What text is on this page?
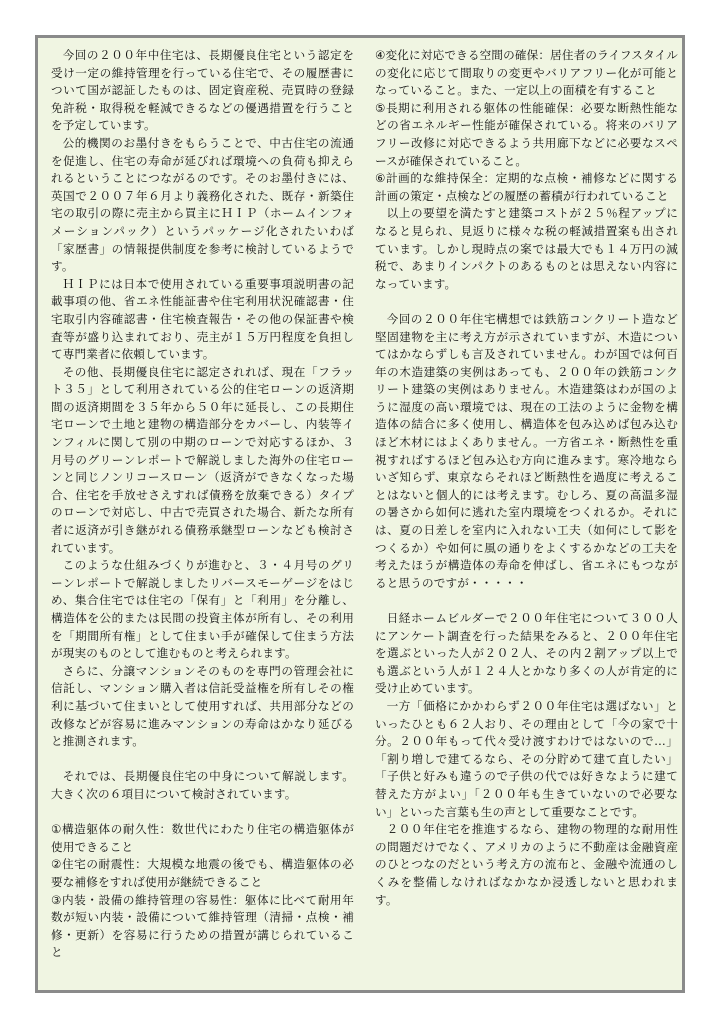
今回の２００年中住宅は、長期優良住宅という認定を受け一定の維持管理を行っている住宅で、その履歴書について国が認証したものは、固定資産税、売買時の登録免許税・取得税を軽減できるなどの優遇措置を行うことを予定しています。

公的機関のお墨付きをもらうことで、中古住宅の流通を促進し、住宅の寿命が延びれば環境への負荷も抑えられるということにつながるのです。そのお墨付きには、英国で２００７年６月より義務化された、既存・新築住宅の取引の際に売主から買主にＨＩＰ（ホームインフォメーションパック）というパッケージ化されたいわば「家歴書」の情報提供制度を参考に検討しているようです。

ＨＩＰには日本で使用されている重要事項説明書の記載事項の他、省エネ性能証書や住宅利用状況確認書・住宅取引内容確認書・住宅検査報告・その他の保証書や検査等が盛り込まれており、売主が１５万円程度を負担して専門業者に依頼しています。

その他、長期優良住宅に認定されれば、現在「フラット３５」として利用されている公的住宅ローンの返済期間の返済期間を３５年から５０年に延長し、この長期住宅ローンで土地と建物の構造部分をカバーし、内装等インフィルに関して別の中期のローンで対応するほか、３月号のグリーンレポートで解説しました海外の住宅ローンと同じノンリコースローン（返済ができなくなった場合、住宅を手放せさえすれば債務を放棄できる）タイプのローンで対応し、中古で売買された場合、新たな所有者に返済が引き継がれる債務承継型ローンなども検討されています。

このような仕組みづくりが進むと、３・４月号のグリーンレポートで解説しましたリバースモーゲージをはじめ、集合住宅では住宅の「保有」と「利用」を分離し、構造体を公的または民間の投資主体が所有し、その利用を「期間所有権」として住まい手が確保して住まう方法が現実のものとして進むものと考えられます。

さらに、分譲マンションそのものを専門の管理会社に信託し、マンション購入者は信託受益権を所有しその権利に基づいて住まいとして使用すれば、共用部分などの改修などが容易に進みマンションの寿命はかなり延びると推測されます。

それでは、長期優良住宅の中身について解説します。大きく次の６項目について検討されています。

①構造躯体の耐久性：数世代にわたり住宅の構造躯体が使用できること

②住宅の耐震性：大規模な地震の後でも、構造躯体の必要な補修をすれば使用が継続できること

③内装・設備の維持管理の容易性：躯体に比べて耐用年数が短い内装・設備について維持管理（清掃・点検・補修・更新）を容易に行うための措置が講じられていること

④変化に対応できる空間の確保：居住者のライフスタイルの変化に応じて間取りの変更やバリアフリー化が可能となっていること。また、一定以上の面積を有すること

⑤長期に利用される躯体の性能確保：必要な断熱性能などの省エネルギー性能が確保されている。将来のバリアフリー改修に対応できるよう共用廊下などに必要なスペースが確保されていること。

⑥計画的な維持保全：定期的な点検・補修などに関する計画の策定・点検などの履歴の蓄積が行われていること

以上の要望を満たすと建築コストが２５％程アップになると見られ、見返りに様々な税の軽減措置案も出されています。しかし現時点の案では最大でも１４万円の減税で、あまりインパクトのあるものとは思えない内容になっています。

今回の２００年住宅構想では鉄筋コンクリート造など堅固建物を主に考え方が示されていますが、木造についてはかならずしも言及されていません。わが国では何百年の木造建築の実例はあっても、２００年の鉄筋コンクリート建築の実例はありません。木造建築はわが国のように湿度の高い環境では、現在の工法のように金物を構造体の結合に多く使用し、構造体を包み込めば包み込むほど木材にはよくありません。一方省エネ・断熱性を重視すればするほど包み込む方向に進みます。寒冷地ならいざ知らず、東京ならそれほど断熱性を過度に考えることはないと個人的には考えます。むしろ、夏の高温多湿の暑さから如何に逃れた室内環境をつくれるか。それには、夏の日差しを室内に入れない工夫（如何にして影をつくるか）や如何に風の通りをよくするかなどの工夫を考えたほうが構造体の寿命を伸ばし、省エネにもつながると思うのですが・・・・・

日経ホームビルダーで２００年住宅について３００人にアンケート調査を行った結果をみると、２００年住宅を選ぶといった人が２０２人、その内２割アップ以上でも選ぶという人が１２４人とかなり多くの人が肯定的に受け止めています。

一方「価格にかかわらず２００年住宅は選ばない」といったひとも６２人おり、その理由として「今の家で十分。２００年もって代々受け渡すわけではないので…」「割り増しで建てるなら、その分貯めて建て直したい」「子供と好みも違うので子供の代では好きなように建て替えた方がよい」「２００年も生きていないので必要ない」といった言葉も生の声として重要なことです。

２００年住宅を推進するなら、建物の物理的な耐用性の問題だけでなく、アメリカのように不動産は金融資産のひとつなのだという考え方の流布と、金融や流通のしくみを整備しなければなかなか浸透しないと思われます。
